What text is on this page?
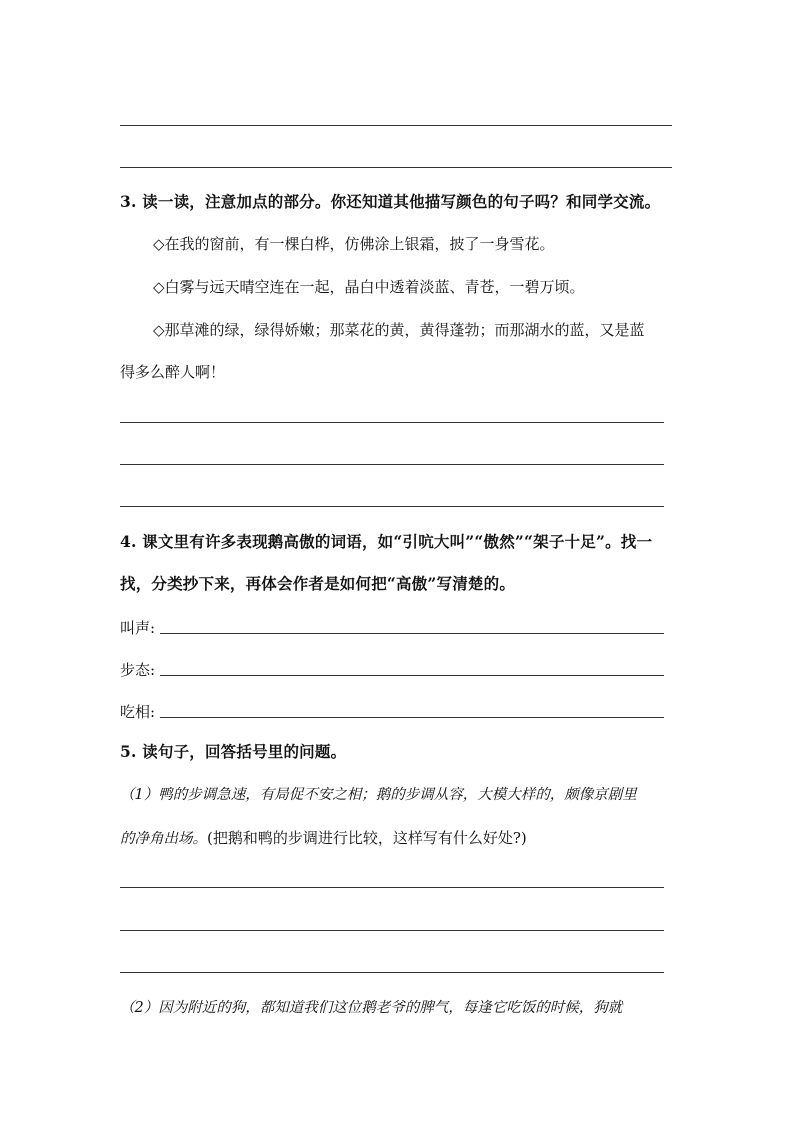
3. 读一读，注意加点的部分。你还知道其他描写颜色的句子吗？和同学交流。
◇在我的窗前，有一棵白桦，仿佛涂上银霜，披了一身雪花。
◇白雾与远天晴空连在一起，晶白中透着淡蓝、青苍，一碧万顷。
◇那草滩的绿，绿得娇嫩；那菜花的黄，黄得蓬勃；而那湖水的蓝，又是蓝
得多么醉人啊！
4. 课文里有许多表现鹅高傲的词语，如“引吭大叫”“傲然”“架子十足”。找一
找，分类抄下来，再体会作者是如何把“高傲”写清楚的。
叫声:
步态:
吃相:
5. 读句子，回答括号里的问题。
（1）鸭的步调急速，有局促不安之相；鹅的步调从容，大模大样的，颇像京剧里
的净角出场。(把鹅和鸭的步调进行比较，这样写有什么好处?)
（2）因为附近的狗，都知道我们这位鹅老爷的脾气，每逢它吃饭的时候，狗就
